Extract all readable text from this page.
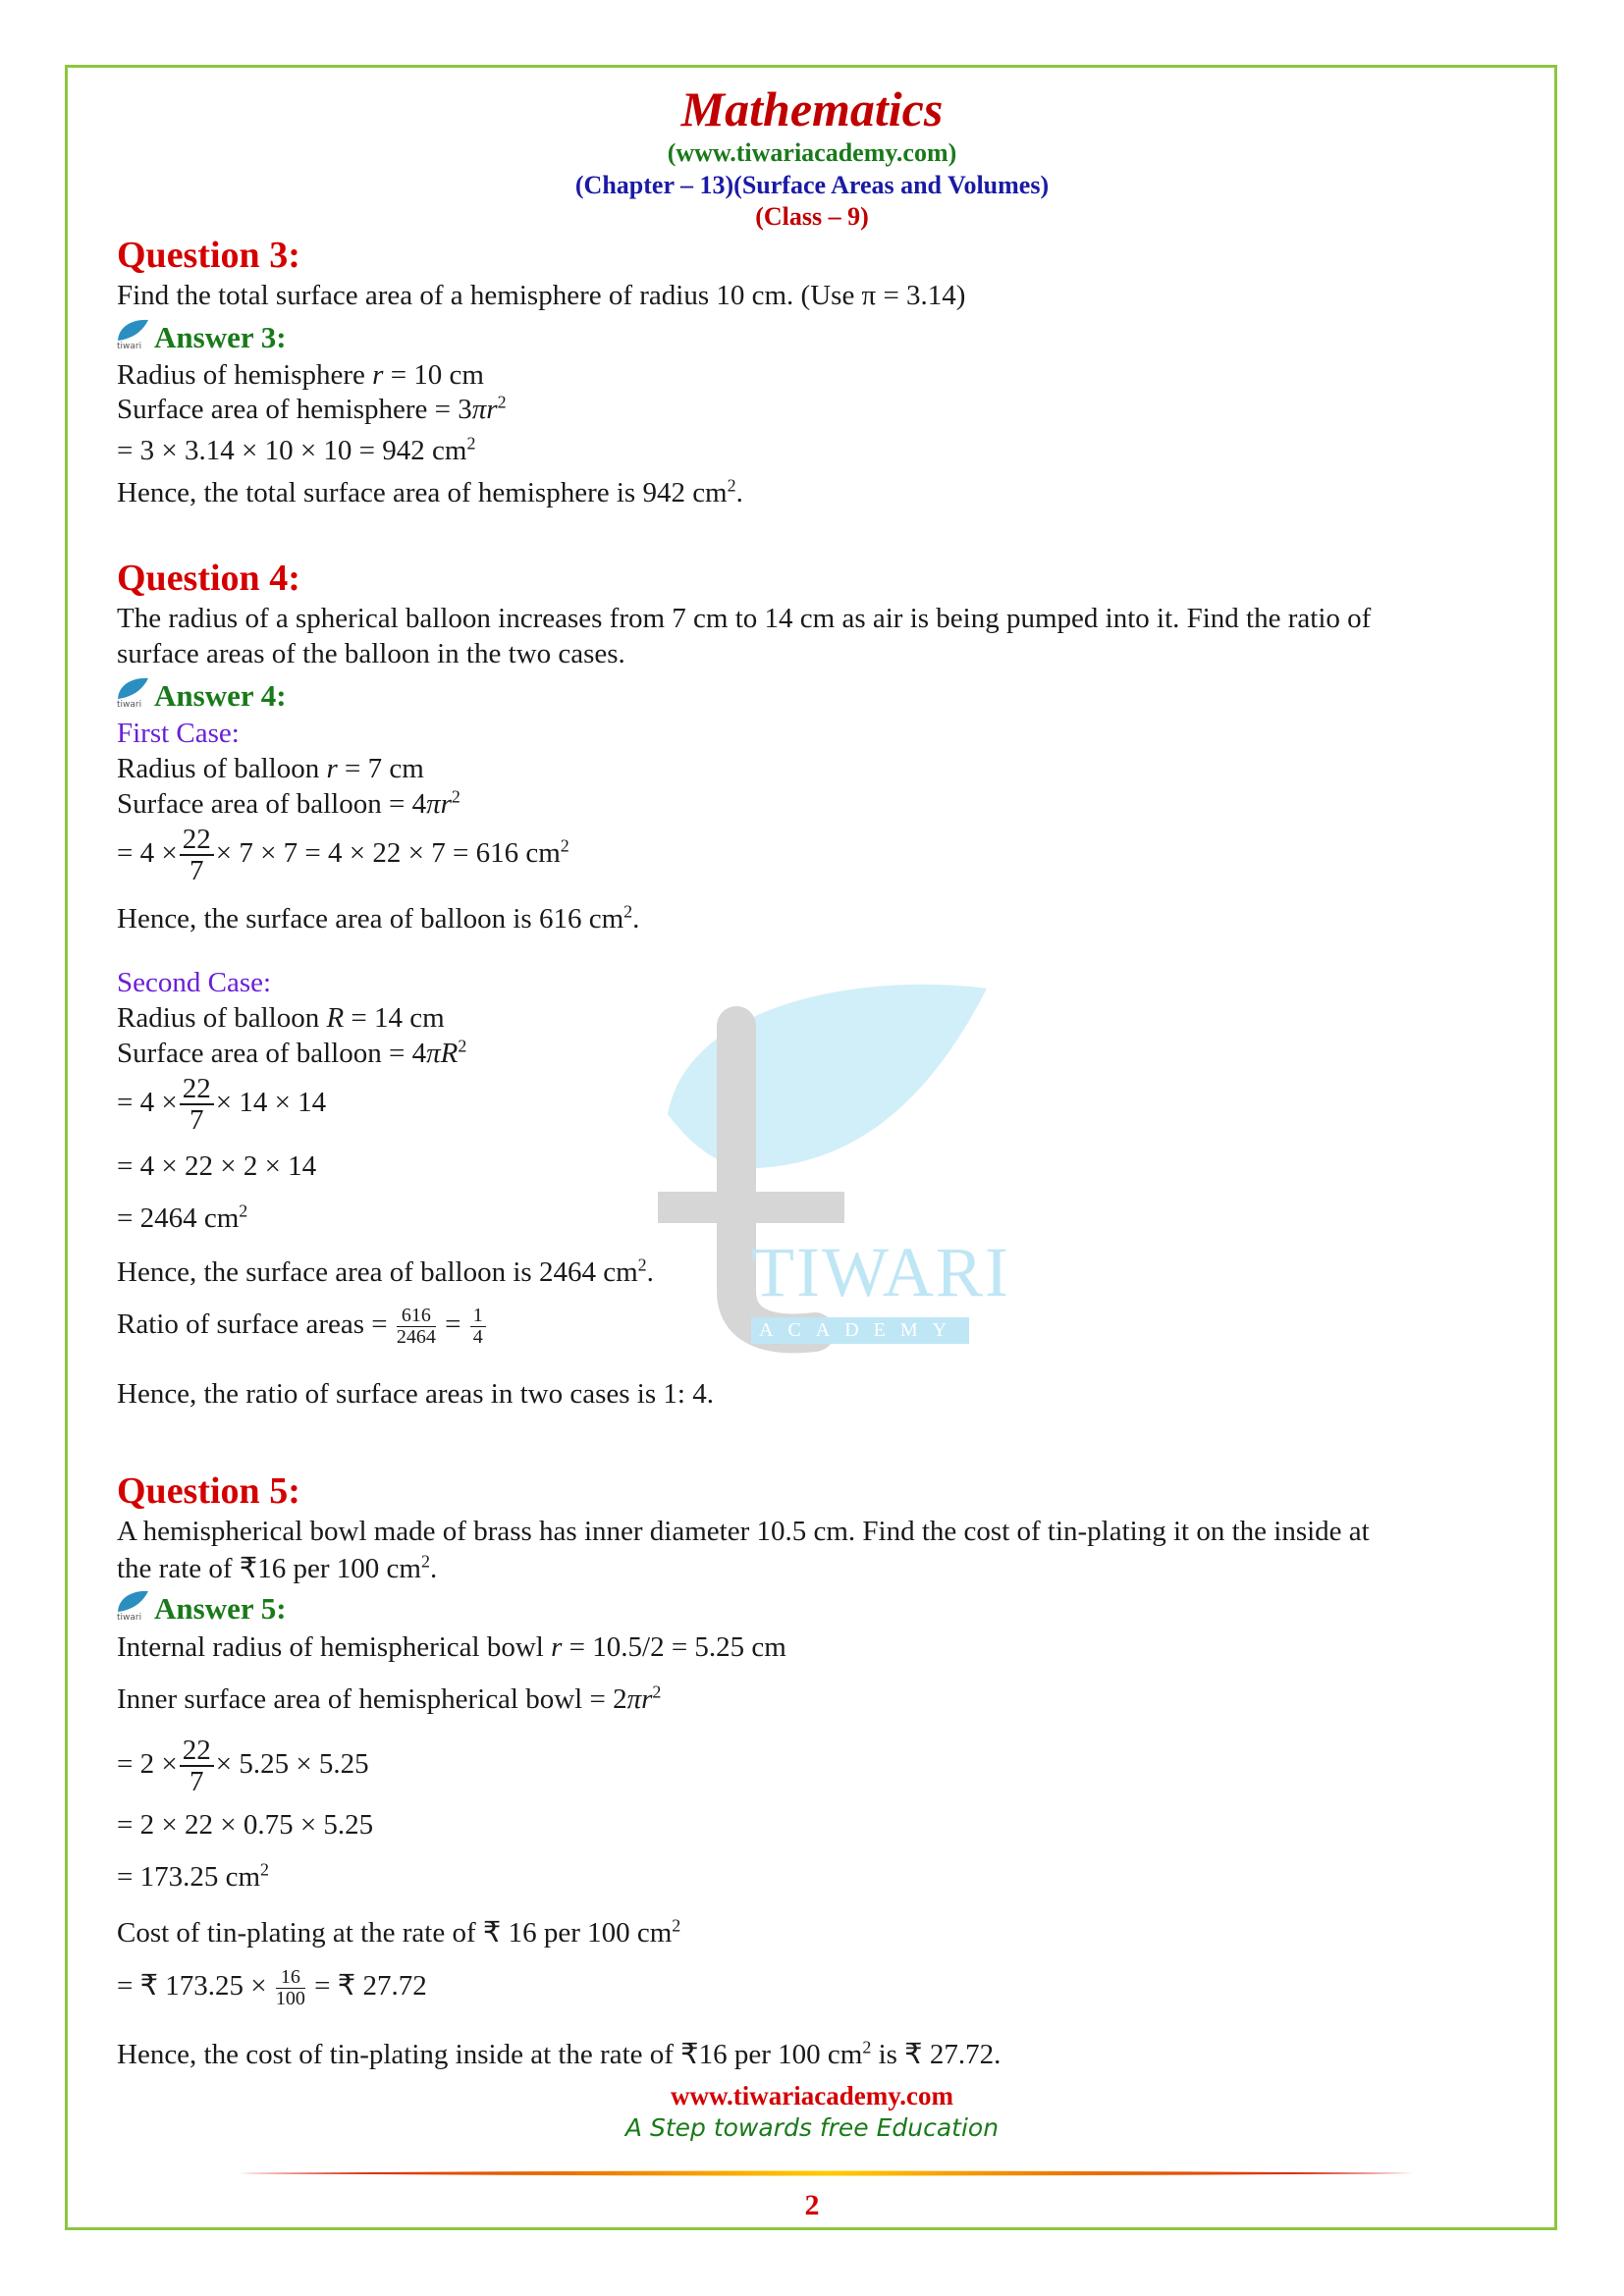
TIWARI
ACADEMY
Mathematics
(www.tiwariacademy.com)
(Chapter – 13)(Surface Areas and Volumes)
(Class – 9)
Question 3:
Find the total surface area of a hemisphere of radius 10 cm. (Use π = 3.14)
tiwari Answer 3:
Radius of hemisphere r = 10 cm
Surface area of hemisphere = $3\pi r^2$
= 3 × 3.14 × 10 × 10 = 942 $cm^2$
Hence, the total surface area of hemisphere is 942 $cm^2$.
Question 4:
The radius of a spherical balloon increases from 7 cm to 14 cm as air is being pumped into it. Find the ratio of
surface areas of the balloon in the two cases.
tiwari Answer 4:
First Case:
Radius of balloon r = 7 cm
Surface area of balloon = $4\pi r^2$
= $4 \times \frac{22}{7} \times 7 \times 7 = 4 \times 22 \times 7 = 616$ $cm^2$
Hence, the surface area of balloon is 616 $cm^2$.
Second Case:
Radius of balloon R = 14 cm
Surface area of balloon = $4\pi R^2$
= $4 \times \frac{22}{7} \times 14 \times 14$
= 4 × 22 × 2 × 14
= 2464 $cm^2$
Hence, the surface area of balloon is 2464 $cm^2$.
Ratio of surface areas = $\frac{616}{2464} = \frac{1}{4}$
Hence, the ratio of surface areas in two cases is 1: 4.
Question 5:
A hemispherical bowl made of brass has inner diameter 10.5 cm. Find the cost of tin-plating it on the inside at
the rate of ₹16 per 100 $cm^2$.
tiwari Answer 5:
Internal radius of hemispherical bowl r = 10.5/2 = 5.25 cm
Inner surface area of hemispherical bowl = $2\pi r^2$
= $2 \times \frac{22}{7} \times 5.25 \times 5.25$
= 2 × 22 × 0.75 × 5.25
= 173.25 $cm^2$
Cost of tin-plating at the rate of ₹ 16 per 100 $cm^2$
= ₹ $173.25 \times \frac{16}{100}$ = ₹ 27.72
Hence, the cost of tin-plating inside at the rate of ₹16 per 100 $cm^2$ is ₹ 27.72.
www.tiwariacademy.com
A Step towards free Education
2
